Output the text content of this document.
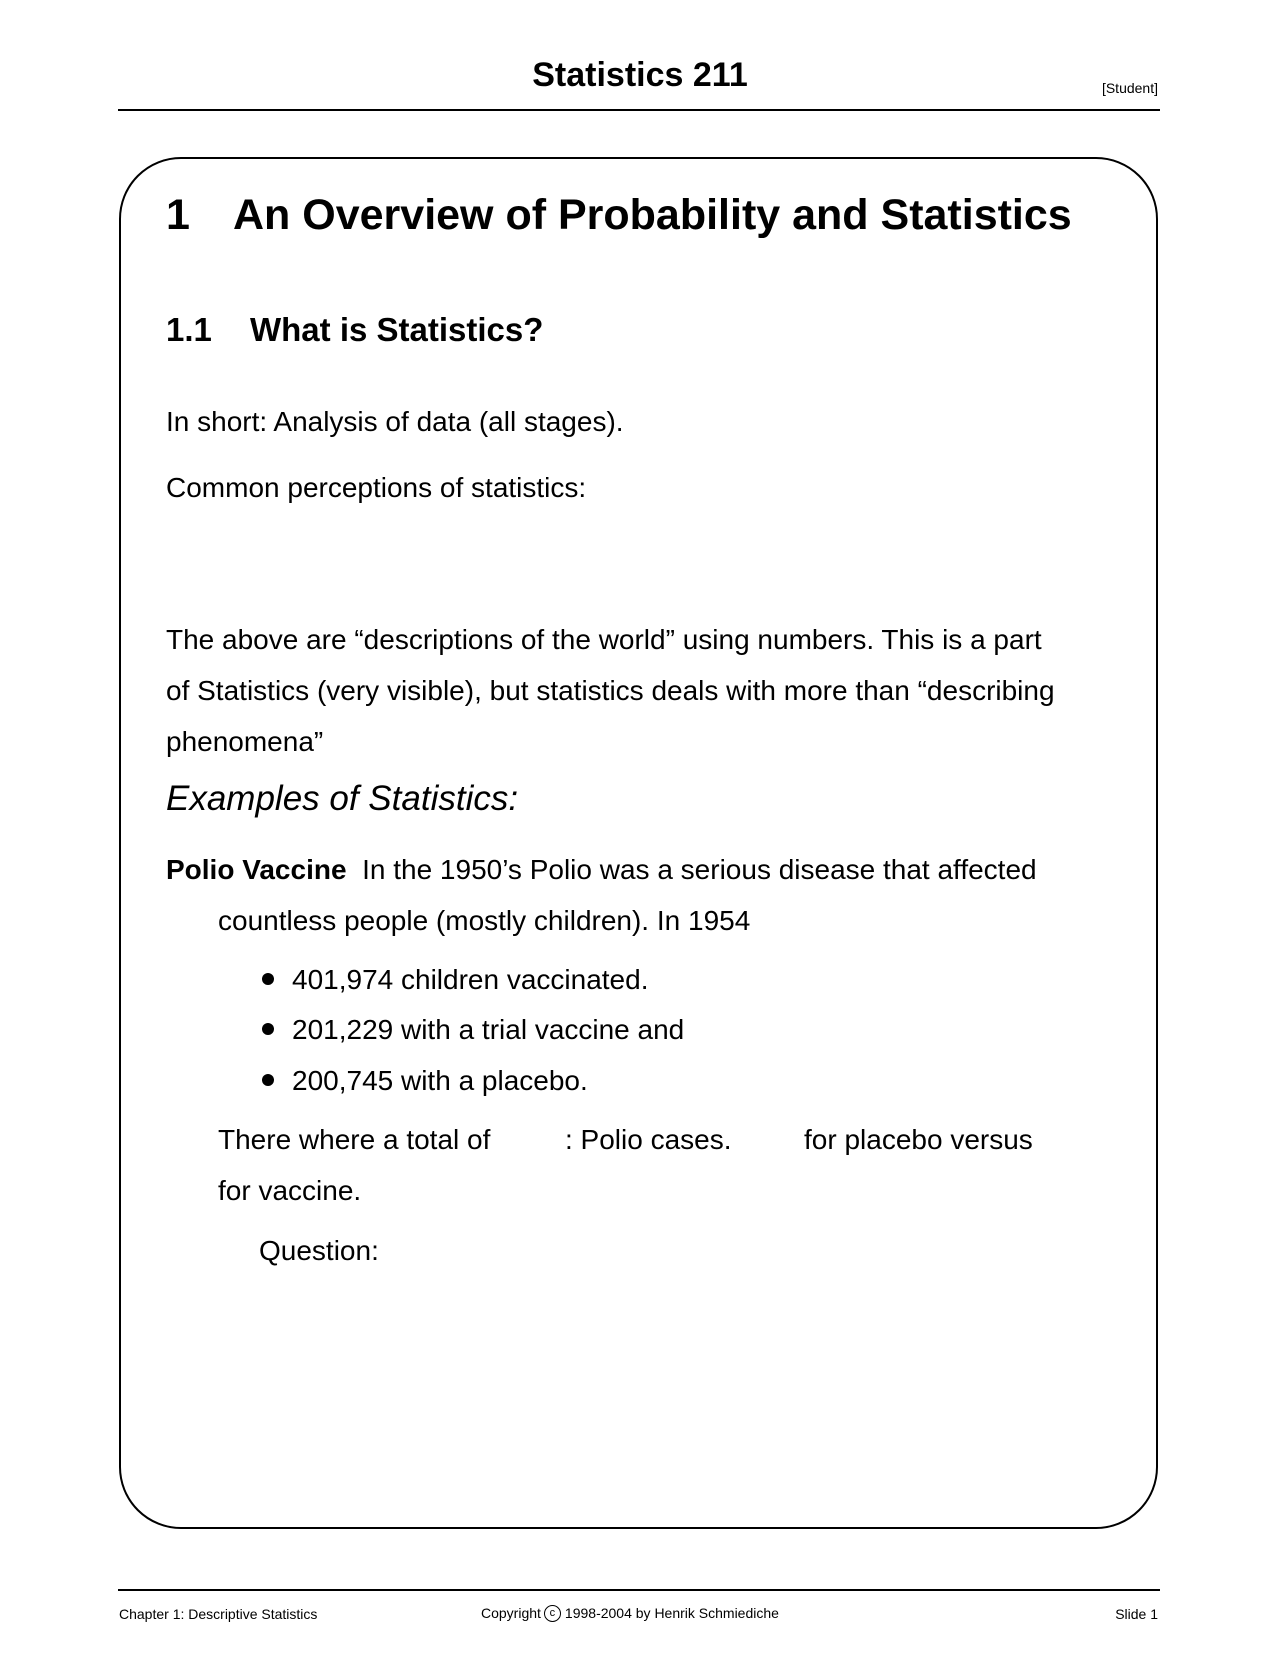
Statistics 211	[Student]
1 An Overview of Probability and Statistics
1.1 What is Statistics?
In short: Analysis of data (all stages).
Common perceptions of statistics:
The above are “descriptions of the world” using numbers. This is a part
of Statistics (very visible), but statistics deals with more than “describing
phenomena”
Examples of Statistics:
Polio Vaccine In the 1950’s Polio was a serious disease that affected
countless people (mostly children). In 1954
401,974 children vaccinated.
201,229 with a trial vaccine and
200,745 with a placebo.
There where a total of	: Polio cases.	for placebo versus
for vaccine.
Question:
Chapter 1: Descriptive Statistics	Copyright c 1998-2004 by Henrik Schmiediche	Slide 1
